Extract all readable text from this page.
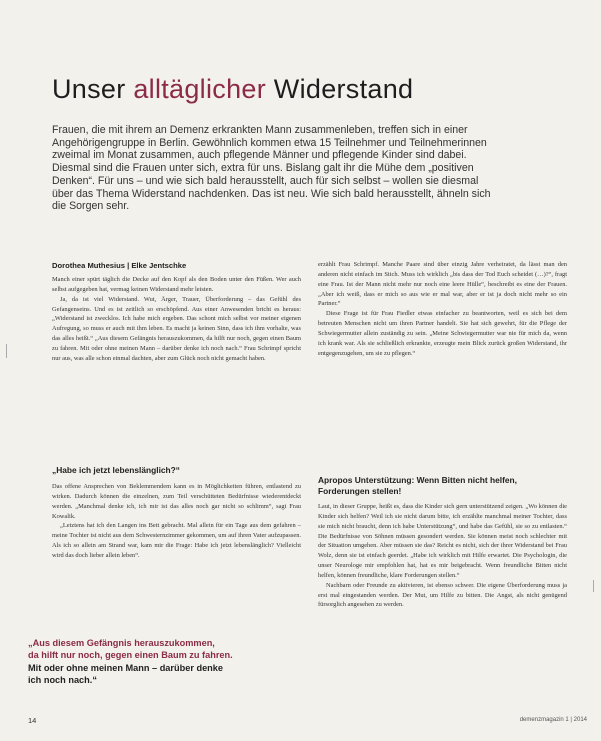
Unser alltäglicher Widerstand
Frauen, die mit ihrem an Demenz erkrankten Mann zusammenleben, treffen sich in einer Angehörigengruppe in Berlin. Gewöhnlich kommen etwa 15 Teilnehmer und Teilnehmerinnen zweimal im Monat zusammen, auch pflegende Männer und pflegende Kinder sind dabei. Diesmal sind die Frauen unter sich, extra für uns. Bislang galt ihr die Mühe dem „positiven Denken“. Für uns – und wie sich bald herausstellt, auch für sich selbst – wollen sie diesmal über das Thema Widerstand nachdenken. Das ist neu. Wie sich bald herausstellt, ähneln sich die Sorgen sehr.
Dorothea Muthesius | Elke Jentschke

Manch einer spürt täglich die Decke auf den Kopf als den Boden unter den Füßen. Wer auch selbst aufgegeben hat, vermag keinen Widerstand mehr leisten.

Ja, da ist viel Widerstand. Wut, Ärger, Trauer, Überforderung – das Gefühl des Gefangenseins. Und es ist zeitlich so erschöpfend. Aus einer Anwesenden bricht es heraus: „Widerstand ist zwecklos. Ich habe mich ergeben. Das schont mich selbst vor meiner eigenen Aufregung, so muss er auch mit ihm leben. Es macht ja keinen Sinn, dass ich ihm vorhalte, was das alles heißt.“ „Aus diesem Gefängnis herauszukommen, da hilft nur noch, gegen einen Baum zu fahren. Mit oder ohne meinen Mann – darüber denke ich noch nach.“ Frau Schrimpf spricht nur aus, was alle schon einmal dachten, aber zum Glück noch nicht gemacht haben.

„Habe ich jetzt lebenslänglich?“

Das offene Ansprechen von Beklemmendem kann es in Möglichkeiten führen, entlastend zu wirken. Dadurch können die einzelnen, zum Teil verschütteten Bedürfnisse wiederentdeckt werden. „Manchmal denke ich, ich mir ist das alles noch gar nicht so schlimm“, sagt Frau Kowalik.

„Letztens hat ich den Langen ins Bett gebracht. Mal allein für ein Tage aus dem gefahren – meine Tochter ist nicht aus dem Schwesternzimmer gekommen, um auf ihren Vater aufzupassen. Als ich so allein am Strand war, kam mir die Frage: Habe ich jetzt lebenslänglich? Vielleicht wird das doch lieber allein leben“.

„Aus diesem Gefängnis herauszukommen,
da hilft nur noch, gegen einen Baum zu fahren.
Mit oder ohne meinen Mann – darüber denke
ich noch nach.“

erzählt Frau Schrimpf. Manche Paare sind über einzig Jahre verheiratet, da lässt man den anderen nicht einfach im Stich. Muss ich wirklich „bis dass der Tod Euch scheidet (…)?“, fragt eine Frau. Ist der Mann nicht mehr nur noch eine leere Hülle“, beschreibt es eine der Frauen. „Aber ich weiß, dass er mich so aus wie er mal war, aber er ist ja doch nicht mehr so ein Partner.“

Diese Frage ist für Frau Fiedler etwas einfacher zu beantworten, weil es sich bei dem betreuten Menschen nicht um ihren Partner handelt. Sie hat sich gewehrt, für die Pflege der Schwiegermutter allein zuständig zu sein. „Meine Schwiegermutter war nie für mich da, wenn ich krank war. Als sie schließlich erkrankte, erzeugte mein Blick zurück großen Widerstand, ihr entgegenzugehen, um sie zu pflegen.“

Apropos Unterstützung: Wenn Bitten nicht helfen, Forderungen stellen!

Laut, in dieser Gruppe, heißt es, dass die Kinder sich gern unterstützend zeigen. „Wo können die Kinder sich helfen? Weil ich sie nicht darum bitte, ich erzählte manchmal meiner Tochter, dass sie mich nicht braucht, denn ich habe Unterstützung“, und habe das Gefühl, sie so zu entlasten.“ Die Bedürfnisse von Söhnen müssen gesondert werden. Sie können meist noch schlechter mit der Situation umgehen. Aber müssen sie das? Reicht es nicht, sich der ihrer Widerstand bei Frau Wolz, denn sie ist einfach geerdet. „Habe ich wirklich mit Hilfe erwartet. Die Psychologin, die unser Neurologe mir empfohlen hat, hat es mir beigebracht. Wenn freundliche Bitten nicht helfen, können freundliche, klare Forderungen stellen.“

Nachbarn oder Freunde zu aktivieren, ist ebenso schwer. Die eigene Überforderung muss ja erst mal eingestanden werden. Der Mut, um Hilfe zu bitten. Die Angst, als nicht genügend fürsorglich angesehen zu werden.

14	demenzmagazin 1 | 2014
